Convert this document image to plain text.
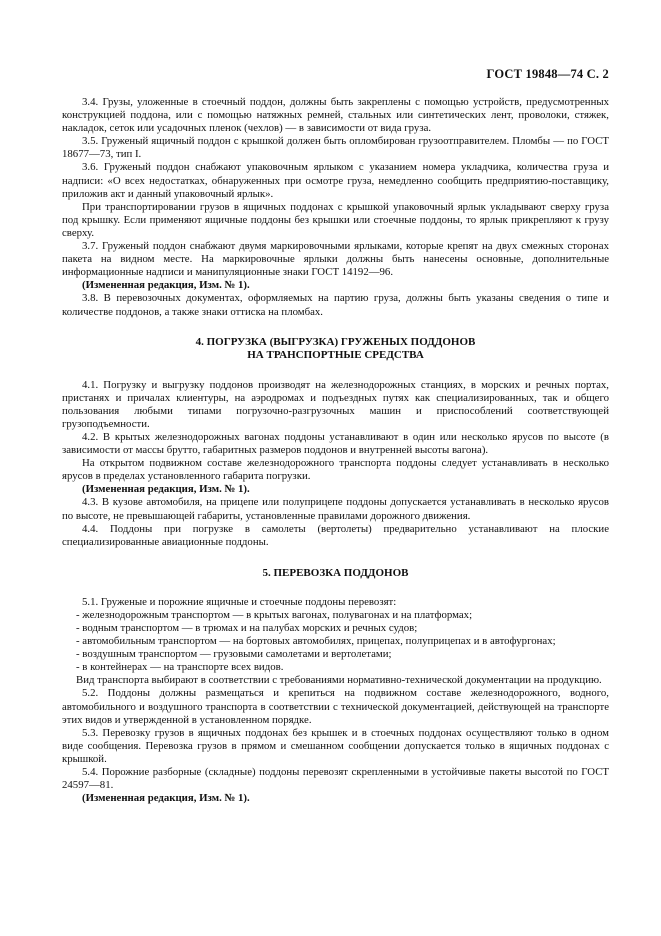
ГОСТ 19848—74 С. 2

3.4. Грузы, уложенные в стоечный поддон, должны быть закреплены с помощью устройств, предусмотренных конструкцией поддона, или с помощью натяжных ремней, стальных или синтетических лент, проволоки, стяжек, накладок, сеток или усадочных пленок (чехлов) — в зависимости от вида груза.

3.5. Груженый ящичный поддон с крышкой должен быть опломбирован грузоотправителем. Пломбы — по ГОСТ 18677—73, тип I.

3.6. Груженый поддон снабжают упаковочным ярлыком с указанием номера укладчика, количества груза и надписи: «О всех недостатках, обнаруженных при осмотре груза, немедленно сообщить предприятию-поставщику, приложив акт и данный упаковочный ярлык».

При транспортировании грузов в ящичных поддонах с крышкой упаковочный ярлык укладывают сверху груза под крышку. Если применяют ящичные поддоны без крышки или стоечные поддоны, то ярлык прикрепляют к грузу сверху.

3.7. Груженый поддон снабжают двумя маркировочными ярлыками, которые крепят на двух смежных сторонах пакета на видном месте. На маркировочные ярлыки должны быть нанесены основные, дополнительные информационные надписи и манипуляционные знаки ГОСТ 14192—96.

(Измененная редакция, Изм. № 1).

3.8. В перевозочных документах, оформляемых на партию груза, должны быть указаны сведения о типе и количестве поддонов, а также знаки оттиска на пломбах.

4. ПОГРУЗКА (ВЫГРУЗКА) ГРУЖЕНЫХ ПОДДОНОВ
НА ТРАНСПОРТНЫЕ СРЕДСТВА

4.1. Погрузку и выгрузку поддонов производят на железнодорожных станциях, в морских и речных портах, пристанях и причалах клиентуры, на аэродромах и подъездных путях как специализированных, так и общего пользования любыми типами погрузочно-разгрузочных машин и приспособлений соответствующей грузоподъемности.

4.2. В крытых железнодорожных вагонах поддоны устанавливают в один или несколько ярусов по высоте (в зависимости от массы брутто, габаритных размеров поддонов и внутренней высоты вагона).

На открытом подвижном составе железнодорожного транспорта поддоны следует устанавливать в несколько ярусов в пределах установленного габарита погрузки.

(Измененная редакция, Изм. № 1).

4.3. В кузове автомобиля, на прицепе или полуприцепе поддоны допускается устанавливать в несколько ярусов по высоте, не превышающей габариты, установленные правилами дорожного движения.

4.4. Поддоны при погрузке в самолеты (вертолеты) предварительно устанавливают на плоские специализированные авиационные поддоны.

5. ПЕРЕВОЗКА ПОДДОНОВ

5.1. Груженые и порожние ящичные и стоечные поддоны перевозят:

- железнодорожным транспортом — в крытых вагонах, полувагонах и на платформах;

- водным транспортом — в трюмах и на палубах морских и речных судов;

- автомобильным транспортом — на бортовых автомобилях, прицепах, полуприцепах и в автофургонах;

- воздушным транспортом — грузовыми самолетами и вертолетами;

- в контейнерах — на транспорте всех видов.

Вид транспорта выбирают в соответствии с требованиями нормативно-технической документации на продукцию.

5.2. Поддоны должны размещаться и крепиться на подвижном составе железнодорожного, водного, автомобильного и воздушного транспорта в соответствии с технической документацией, действующей на транспорте этих видов и утвержденной в установленном порядке.

5.3. Перевозку грузов в ящичных поддонах без крышек и в стоечных поддонах осуществляют только в одном виде сообщения. Перевозка грузов в прямом и смешанном сообщении допускается только в ящичных поддонах с крышкой.

5.4. Порожние разборные (складные) поддоны перевозят скрепленными в устойчивые пакеты высотой по ГОСТ 24597—81.

(Измененная редакция, Изм. № 1).
